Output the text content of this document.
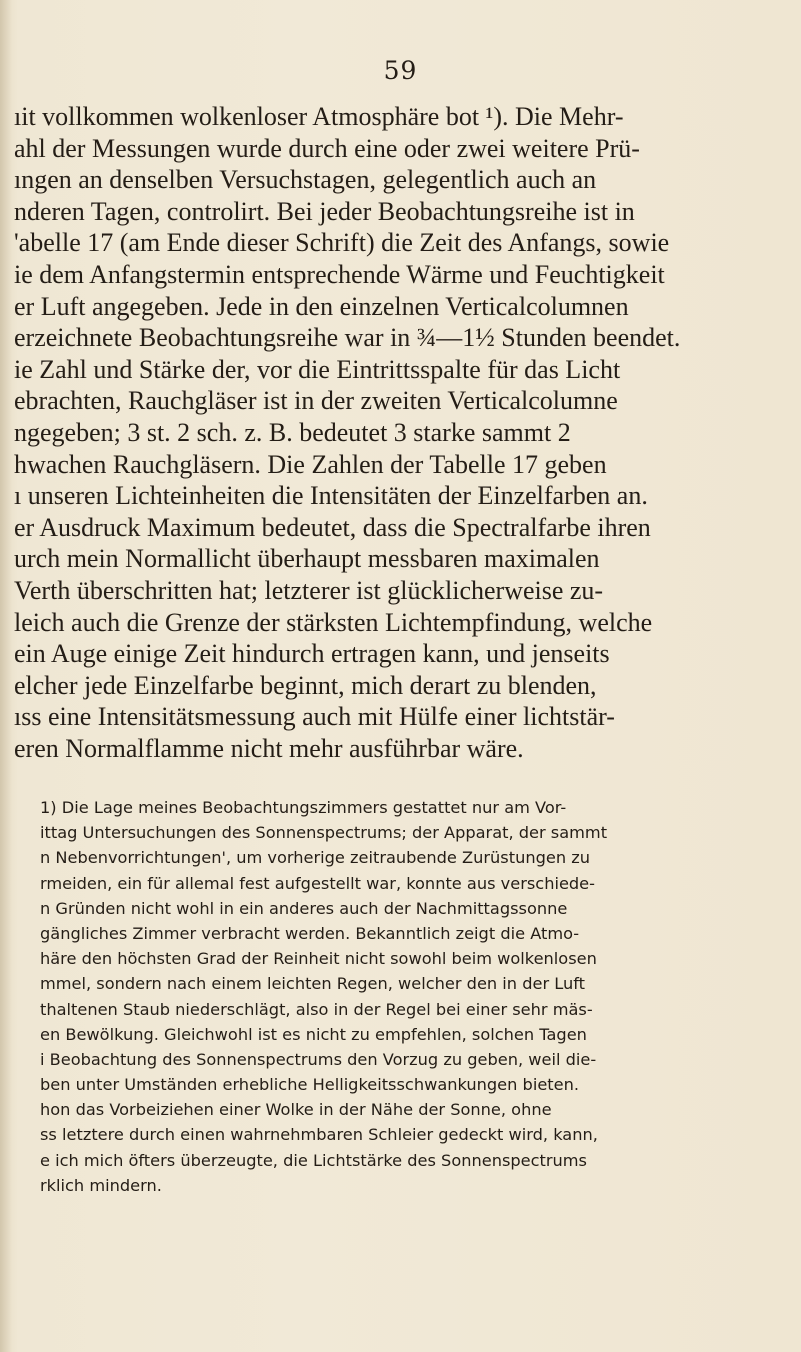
59
ıit vollkommen wolkenloser Atmosphäre bot ¹). Die Mehr-
ahl der Messungen wurde durch eine oder zwei weitere Prü-
ıngen an denselben Versuchstagen, gelegentlich auch an
nderen Tagen, controlirt. Bei jeder Beobachtungsreihe ist in
'abelle 17 (am Ende dieser Schrift) die Zeit des Anfangs, sowie
ie dem Anfangstermin entsprechende Wärme und Feuchtigkeit
er Luft angegeben. Jede in den einzelnen Verticalcolumnen
erzeichnete Beobachtungsreihe war in ¾—1½ Stunden beendet.
ie Zahl und Stärke der, vor die Eintrittsspalte für das Licht
ebrachten, Rauchgläser ist in der zweiten Verticalcolumne
ngegeben; 3 st. 2 sch. z. B. bedeutet 3 starke sammt 2
hwachen Rauchgläsern. Die Zahlen der Tabelle 17 geben
ı unseren Lichteinheiten die Intensitäten der Einzelfarben an.
er Ausdruck Maximum bedeutet, dass die Spectralfarbe ihren
urch mein Normallicht überhaupt messbaren maximalen
Verth überschritten hat; letzterer ist glücklicherweise zu-
leich auch die Grenze der stärksten Lichtempfindung, welche
ein Auge einige Zeit hindurch ertragen kann, und jenseits
elcher jede Einzelfarbe beginnt, mich derart zu blenden,
ıss eine Intensitätsmessung auch mit Hülfe einer lichtstär-
eren Normalflamme nicht mehr ausführbar wäre.
1) Die Lage meines Beobachtungszimmers gestattet nur am Vor-
ittag Untersuchungen des Sonnenspectrums; der Apparat, der sammt
n Nebenvorrichtungen', um vorherige zeitraubende Zurüstungen zu
rmeiden, ein für allemal fest aufgestellt war, konnte aus verschiede-
n Gründen nicht wohl in ein anderes auch der Nachmittagssonne
gängliches Zimmer verbracht werden. Bekanntlich zeigt die Atmo-
häre den höchsten Grad der Reinheit nicht sowohl beim wolkenlosen
mmel, sondern nach einem leichten Regen, welcher den in der Luft
thaltenen Staub niederschlägt, also in der Regel bei einer sehr mäs-
en Bewölkung. Gleichwohl ist es nicht zu empfehlen, solchen Tagen
i Beobachtung des Sonnenspectrums den Vorzug zu geben, weil die-
ben unter Umständen erhebliche Helligkeitsschwankungen bieten.
hon das Vorbeiziehen einer Wolke in der Nähe der Sonne, ohne
ss letztere durch einen wahrnehmbaren Schleier gedeckt wird, kann,
e ich mich öfters überzeugte, die Lichtstärke des Sonnenspectrums
rklich mindern.
